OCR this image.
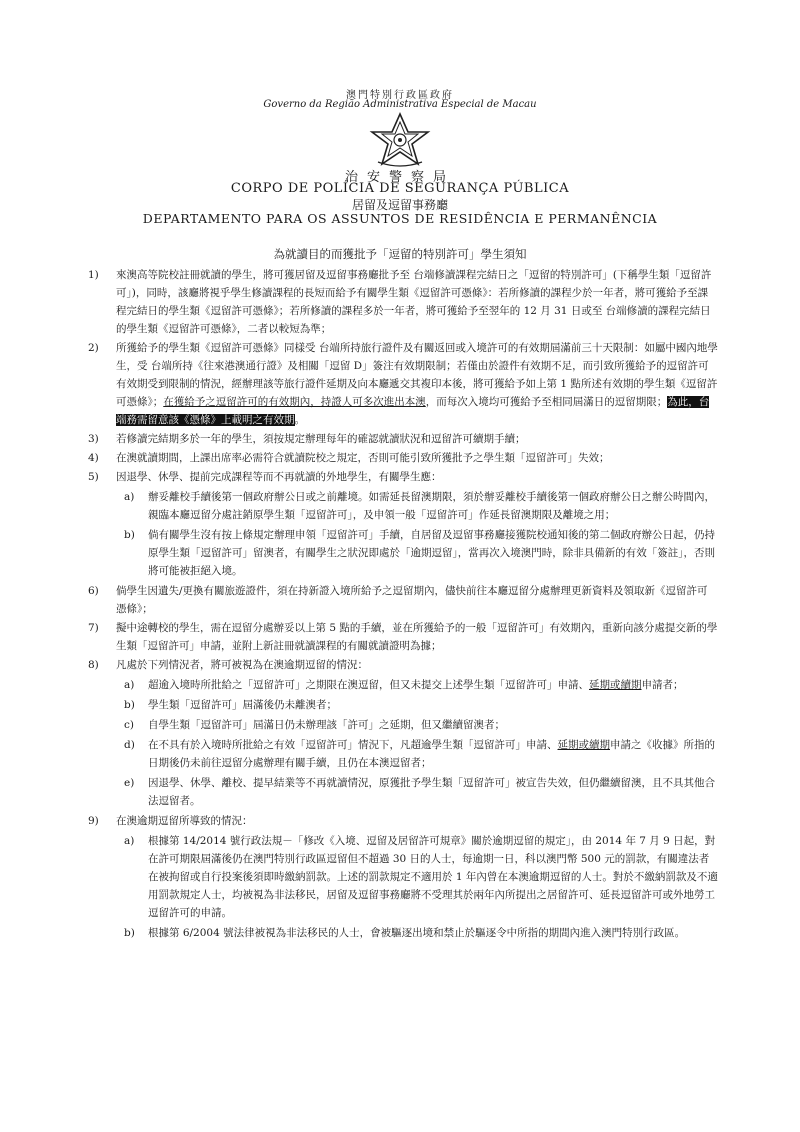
澳門特別行政區政府
Governo da Região Administrativa Especial de Macau
治安警察局
CORPO DE POLÍCIA DE SEGURANÇA PÚBLICA
居留及逗留事務廳
DEPARTAMENTO PARA OS ASSUNTOS DE RESIDÊNCIA E PERMANÊNCIA
為就讀目的而獲批予「逗留的特別許可」學生須知
1)	來澳高等院校註冊就讀的學生，將可獲居留及逗留事務廳批予至 台端修讀課程完結日之「逗留的特別許可」(下稱學生類「逗留許可」)，同時，該廳將視乎學生修讀課程的長短而給予有關學生類《逗留許可憑條》：若所修讀的課程少於一年者，將可獲給予至課程完結日的學生類《逗留許可憑條》；若所修讀的課程多於一年者，將可獲給予至翌年的 12 月 31 日或至 台端修讀的課程完結日的學生類《逗留許可憑條》，二者以較短為準；
2)	所獲給予的學生類《逗留許可憑條》同樣受 台端所持旅行證件及有關返回或入境許可的有效期屆滿前三十天限制：如屬中國內地學生，受 台端所持《往來港澳通行證》及相關「逗留 D」簽注有效期限制；若僅由於證件有效期不足，而引致所獲給予的逗留許可有效期受到限制的情況，經辦理該等旅行證件延期及向本廳遞交其複印本後，將可獲給予如上第 1 點所述有效期的學生類《逗留許可憑條》；在獲給予之逗留許可的有效期內，持證人可多次進出本澳，而每次入境均可獲給予至相同屆滿日的逗留期限；為此，台端務需留意該《憑條》上載明之有效期。
3)	若修讀完結期多於一年的學生，須按規定辦理每年的確認就讀狀況和逗留許可續期手續；
4)	在澳就讀期間，上課出席率必需符合就讀院校之規定，否則可能引致所獲批予之學生類「逗留許可」失效；
5)	因退學、休學、提前完成課程等而不再就讀的外地學生，有關學生應：
a)	辦妥離校手續後第一個政府辦公日或之前離境。如需延長留澳期限，須於辦妥離校手續後第一個政府辦公日之辦公時間內，親臨本廳逗留分處註銷原學生類「逗留許可」，及申領一般「逗留許可」作延長留澳期限及離境之用；
b)	倘有關學生沒有按上條規定辦理申領「逗留許可」手續，自居留及逗留事務廳接獲院校通知後的第二個政府辦公日起，仍持原學生類「逗留許可」留澳者，有關學生之狀況即處於「逾期逗留」，當再次入境澳門時，除非具備新的有效「簽註」，否則將可能被拒絕入境。
6)	倘學生因遺失/更換有關旅遊證件，須在持新證入境所給予之逗留期內，儘快前往本廳逗留分處辦理更新資料及領取新《逗留許可憑條》；
7)	擬中途轉校的學生，需在逗留分處辦妥以上第 5 點的手續，並在所獲給予的一般「逗留許可」有效期內，重新向該分處提交新的學生類「逗留許可」申請，並附上新註冊就讀課程的有關就讀證明為據；
8)	凡處於下列情況者，將可被視為在澳逾期逗留的情況：
a)	超逾入境時所批給之「逗留許可」之期限在澳逗留，但又未提交上述學生類「逗留許可」申請、延期或續期申請者；
b)	學生類「逗留許可」屆滿後仍未離澳者；
c)	自學生類「逗留許可」屆滿日仍未辦理該「許可」之延期，但又繼續留澳者；
d)	在不具有於入境時所批給之有效「逗留許可」情況下，凡超逾學生類「逗留許可」申請、延期或續期申請之《收據》所指的日期後仍未前往逗留分處辦理有關手續，且仍在本澳逗留者；
e)	因退學、休學、離校、提早結業等不再就讀情況，原獲批予學生類「逗留許可」被宣告失效，但仍繼續留澳，且不具其他合法逗留者。
9)	在澳逾期逗留所導致的情況：
a)	根據第 14/2014 號行政法規－「修改《入境、逗留及居留許可規章》關於逾期逗留的規定」，由 2014 年 7 月 9 日起，對在許可期限屆滿後仍在澳門特別行政區逗留但不超過 30 日的人士，每逾期一日，科以澳門幣 500 元的罰款，有關違法者在被拘留或自行投案後須即時繳納罰款。上述的罰款規定不適用於 1 年內曾在本澳逾期逗留的人士。對於不繳納罰款及不適用罰款規定人士，均被視為非法移民，居留及逗留事務廳將不受理其於兩年內所提出之居留許可、延長逗留許可或外地勞工逗留許可的申請。
b)	根據第 6/2004 號法律被視為非法移民的人士，會被驅逐出境和禁止於驅逐令中所指的期間內進入澳門特別行政區。
